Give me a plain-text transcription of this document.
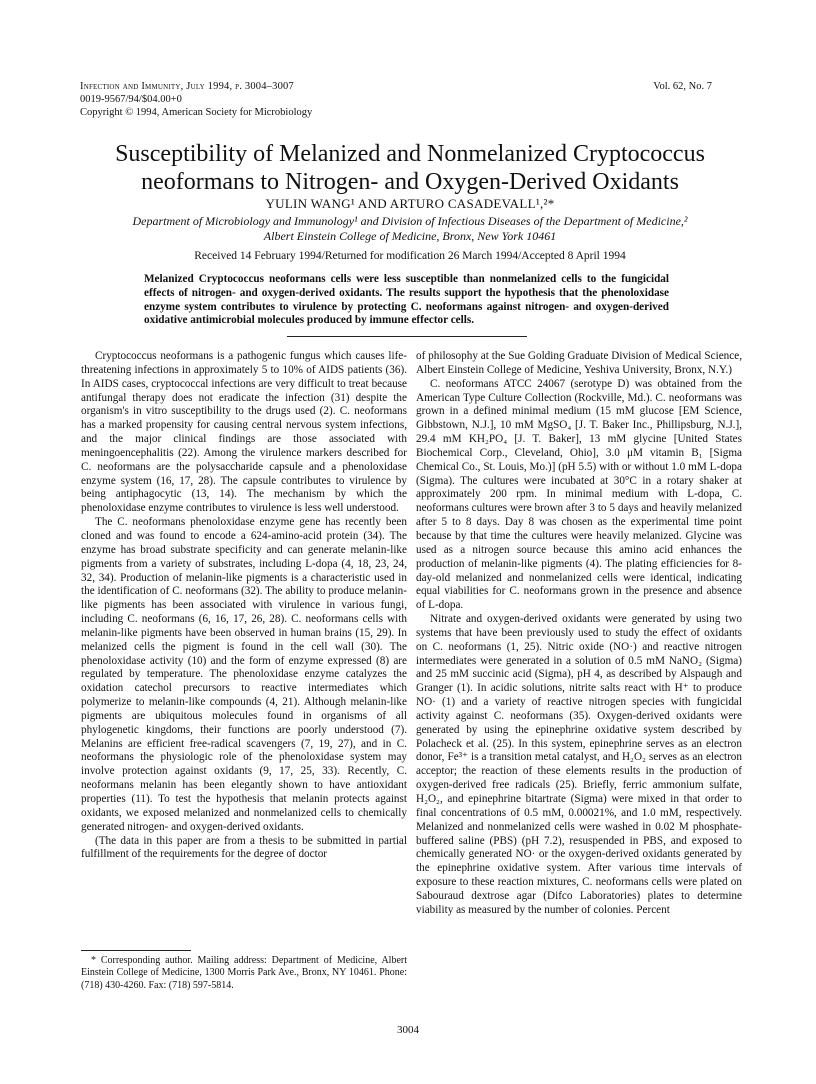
Infection and Immunity, July 1994, p. 3004–3007
0019-9567/94/$04.00+0
Copyright © 1994, American Society for Microbiology
Vol. 62, No. 7
Susceptibility of Melanized and Nonmelanized Cryptococcus
neoformans to Nitrogen- and Oxygen-Derived Oxidants
YULIN WANG¹ AND ARTURO CASADEVALL¹,²*
Department of Microbiology and Immunology¹ and Division of Infectious Diseases of the Department of Medicine,²
Albert Einstein College of Medicine, Bronx, New York 10461
Received 14 February 1994/Returned for modification 26 March 1994/Accepted 8 April 1994
Melanized Cryptococcus neoformans cells were less susceptible than nonmelanized cells to the fungicidal effects of nitrogen- and oxygen-derived oxidants. The results support the hypothesis that the phenoloxidase enzyme system contributes to virulence by protecting C. neoformans against nitrogen- and oxygen-derived oxidative antimicrobial molecules produced by immune effector cells.

Cryptococcus neoformans is a pathogenic fungus which causes life-threatening infections in approximately 5 to 10% of AIDS patients (36). In AIDS cases, cryptococcal infections are very difficult to treat because antifungal therapy does not eradicate the infection (31) despite the organism's in vitro susceptibility to the drugs used (2). C. neoformans has a marked propensity for causing central nervous system infections, and the major clinical findings are those associated with meningoencephalitis (22). Among the virulence markers described for C. neoformans are the polysaccharide capsule and a phenoloxidase enzyme system (16, 17, 28). The capsule contributes to virulence by being antiphagocytic (13, 14). The mechanism by which the phenoloxidase enzyme contributes to virulence is less well understood.

The C. neoformans phenoloxidase enzyme gene has recently been cloned and was found to encode a 624-amino-acid protein (34). The enzyme has broad substrate specificity and can generate melanin-like pigments from a variety of substrates, including L-dopa (4, 18, 23, 24, 32, 34). Production of melanin-like pigments is a characteristic used in the identification of C. neoformans (32). The ability to produce melanin-like pigments has been associated with virulence in various fungi, including C. neoformans (6, 16, 17, 26, 28). C. neoformans cells with melanin-like pigments have been observed in human brains (15, 29). In melanized cells the pigment is found in the cell wall (30). The phenoloxidase activity (10) and the form of enzyme expressed (8) are regulated by temperature. The phenoloxidase enzyme catalyzes the oxidation catechol precursors to reactive intermediates which polymerize to melanin-like compounds (4, 21). Although melanin-like pigments are ubiquitous molecules found in organisms of all phylogenetic kingdoms, their functions are poorly understood (7). Melanins are efficient free-radical scavengers (7, 19, 27), and in C. neoformans the physiologic role of the phenoloxidase system may involve protection against oxidants (9, 17, 25, 33). Recently, C. neoformans melanin has been elegantly shown to have antioxidant properties (11). To test the hypothesis that melanin protects against oxidants, we exposed melanized and nonmelanized cells to chemically generated nitrogen- and oxygen-derived oxidants.

(The data in this paper are from a thesis to be submitted in partial fulfillment of the requirements for the degree of doctor

of philosophy at the Sue Golding Graduate Division of Medical Science, Albert Einstein College of Medicine, Yeshiva University, Bronx, N.Y.)

C. neoformans ATCC 24067 (serotype D) was obtained from the American Type Culture Collection (Rockville, Md.). C. neoformans was grown in a defined minimal medium (15 mM glucose [EM Science, Gibbstown, N.J.], 10 mM MgSO₄ [J. T. Baker Inc., Phillipsburg, N.J.], 29.4 mM KH₂PO₄ [J. T. Baker], 13 mM glycine [United States Biochemical Corp., Cleveland, Ohio], 3.0 μM vitamin B₁ [Sigma Chemical Co., St. Louis, Mo.)] (pH 5.5) with or without 1.0 mM L-dopa (Sigma). The cultures were incubated at 30°C in a rotary shaker at approximately 200 rpm. In minimal medium with L-dopa, C. neoformans cultures were brown after 3 to 5 days and heavily melanized after 5 to 8 days. Day 8 was chosen as the experimental time point because by that time the cultures were heavily melanized. Glycine was used as a nitrogen source because this amino acid enhances the production of melanin-like pigments (4). The plating efficiencies for 8-day-old melanized and nonmelanized cells were identical, indicating equal viabilities for C. neoformans grown in the presence and absence of L-dopa.

Nitrate and oxygen-derived oxidants were generated by using two systems that have been previously used to study the effect of oxidants on C. neoformans (1, 25). Nitric oxide (NO·) and reactive nitrogen intermediates were generated in a solution of 0.5 mM NaNO₂ (Sigma) and 25 mM succinic acid (Sigma), pH 4, as described by Alspaugh and Granger (1). In acidic solutions, nitrite salts react with H⁺ to produce NO· (1) and a variety of reactive nitrogen species with fungicidal activity against C. neoformans (35). Oxygen-derived oxidants were generated by using the epinephrine oxidative system described by Polacheck et al. (25). In this system, epinephrine serves as an electron donor, Fe³⁺ is a transition metal catalyst, and H₂O₂ serves as an electron acceptor; the reaction of these elements results in the production of oxygen-derived free radicals (25). Briefly, ferric ammonium sulfate, H₂O₂, and epinephrine bitartrate (Sigma) were mixed in that order to final concentrations of 0.5 mM, 0.00021%, and 1.0 mM, respectively. Melanized and nonmelanized cells were washed in 0.02 M phosphate-buffered saline (PBS) (pH 7.2), resuspended in PBS, and exposed to chemically generated NO· or the oxygen-derived oxidants generated by the epinephrine oxidative system. After various time intervals of exposure to these reaction mixtures, C. neoformans cells were plated on Sabouraud dextrose agar (Difco Laboratories) plates to determine viability as measured by the number of colonies. Percent

* Corresponding author. Mailing address: Department of Medicine, Albert Einstein College of Medicine, 1300 Morris Park Ave., Bronx, NY 10461. Phone: (718) 430-4260. Fax: (718) 597-5814.
3004
